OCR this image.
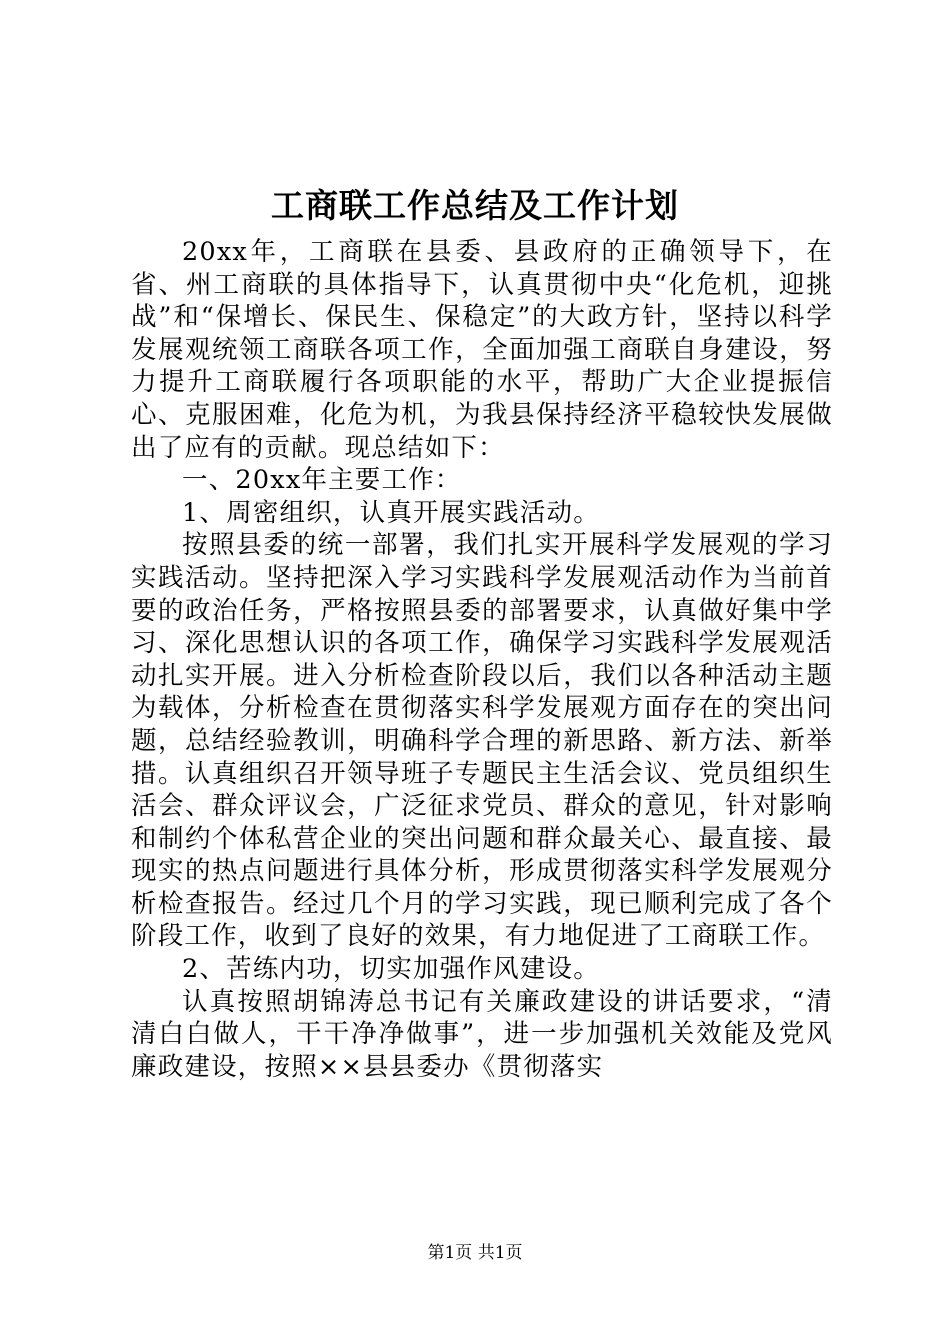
工商联工作总结及工作计划

20xx年，工商联在县委、县政府的正确领导下，在省、州工商联的具体指导下，认真贯彻中央“化危机，迎挑战”和“保增长、保民生、保稳定”的大政方针，坚持以科学发展观统领工商联各项工作，全面加强工商联自身建设，努力提升工商联履行各项职能的水平，帮助广大企业提振信心、克服困难，化危为机，为我县保持经济平稳较快发展做出了应有的贡献。现总结如下：

一、20xx年主要工作：

1、周密组织，认真开展实践活动。

按照县委的统一部署，我们扎实开展科学发展观的学习实践活动。坚持把深入学习实践科学发展观活动作为当前首要的政治任务，严格按照县委的部署要求，认真做好集中学习、深化思想认识的各项工作，确保学习实践科学发展观活动扎实开展。进入分析检查阶段以后，我们以各种活动主题为载体，分析检查在贯彻落实科学发展观方面存在的突出问题，总结经验教训，明确科学合理的新思路、新方法、新举措。认真组织召开领导班子专题民主生活会议、党员组织生活会、群众评议会，广泛征求党员、群众的意见，针对影响和制约个体私营企业的突出问题和群众最关心、最直接、最现实的热点问题进行具体分析，形成贯彻落实科学发展观分析检查报告。经过几个月的学习实践，现已顺利完成了各个阶段工作，收到了良好的效果，有力地促进了工商联工作。

2、苦练内功，切实加强作风建设。

认真按照胡锦涛总书记有关廉政建设的讲话要求，“清清白白做人，干干净净做事”，进一步加强机关效能及党风廉政建设，按照××县县委办《贯彻落实

第1页 共1页
